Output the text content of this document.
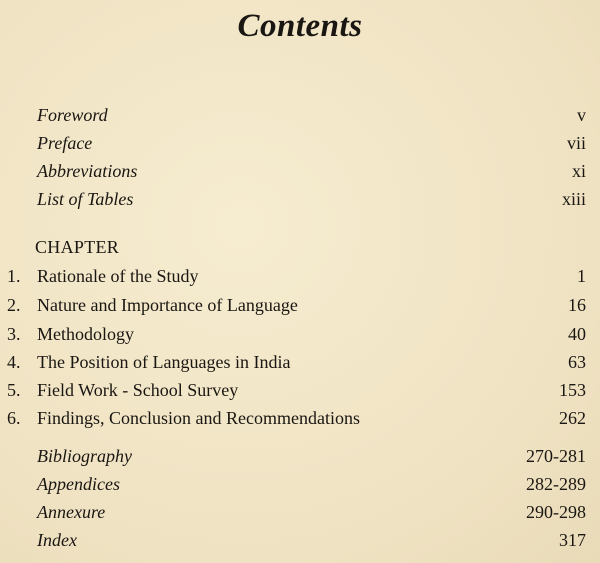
Contents
Foreword	v
Preface	vii
Abbreviations	xi
List of Tables	xiii
CHAPTER
1. Rationale of the Study	1
2. Nature and Importance of Language	16
3. Methodology	40
4. The Position of Languages in India	63
5. Field Work - School Survey	153
6. Findings, Conclusion and Recommendations	262
Bibliography	270-281
Appendices	282-289
Annexure	290-298
Index	317
